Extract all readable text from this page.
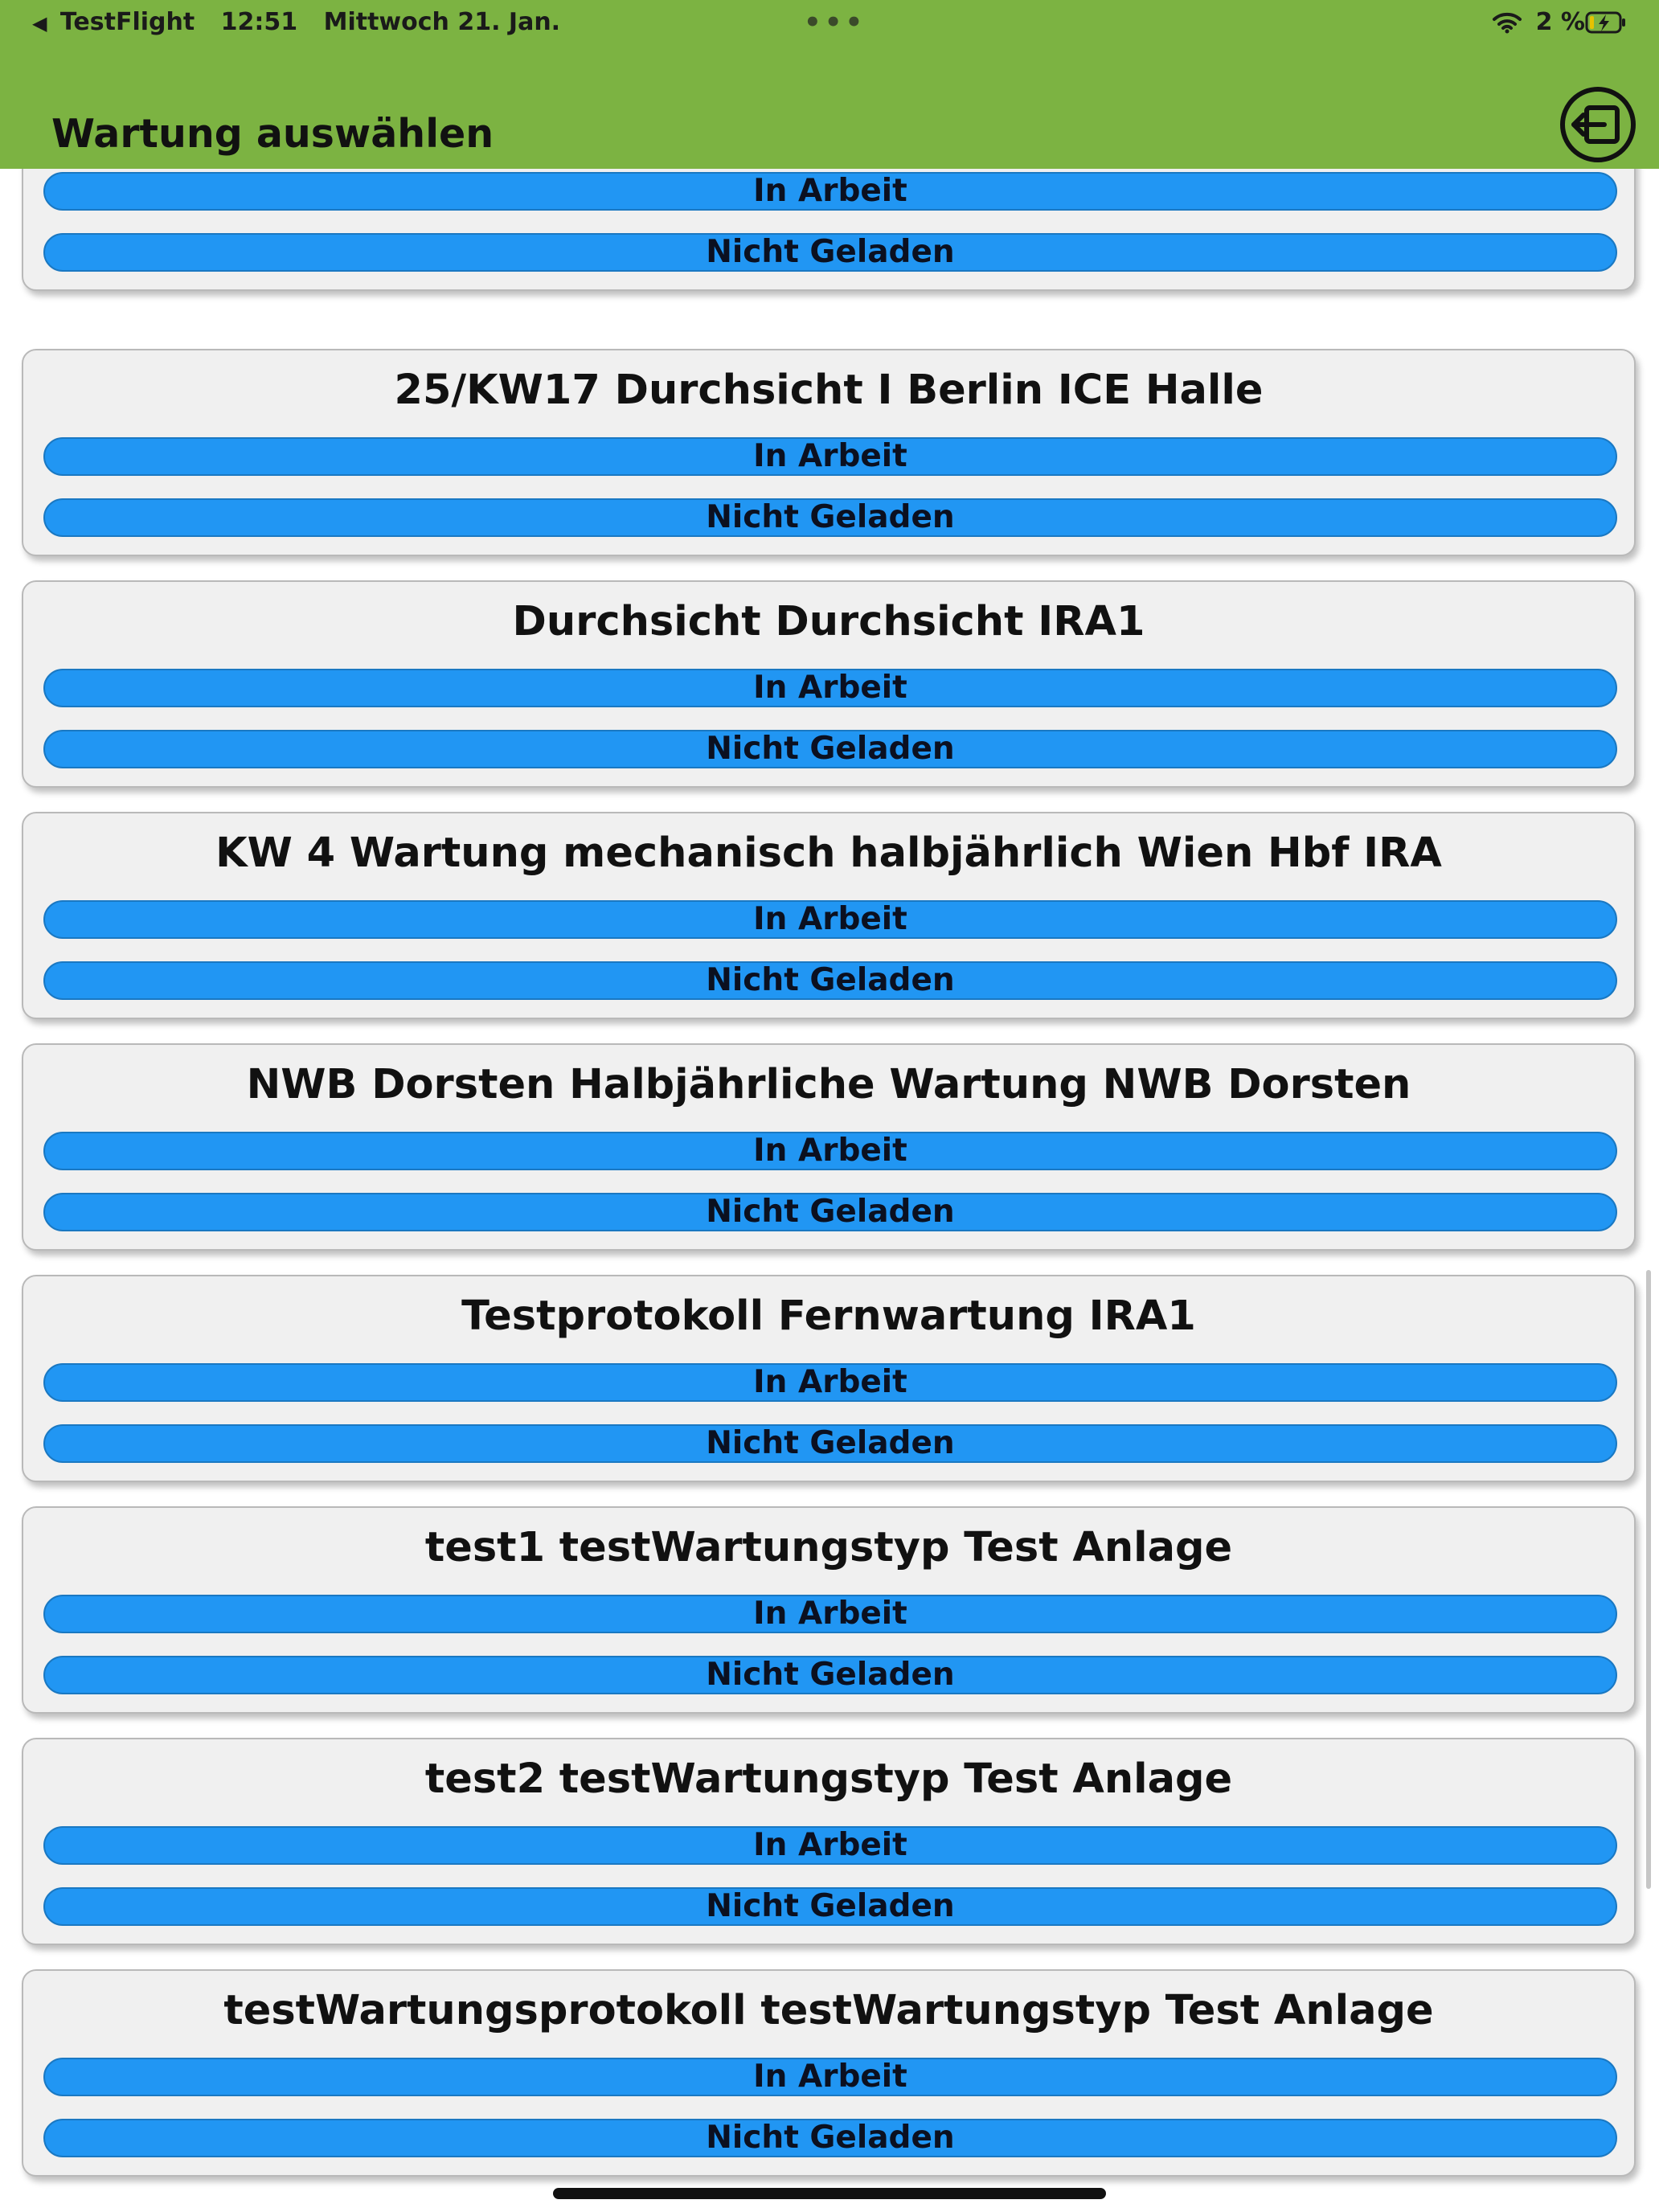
◀ TestFlight 12:51 Mittwoch 21. Jan.	•••	2 %
Wartung auswählen
In Arbeit
Nicht Geladen
25/KW17 Durchsicht I Berlin ICE Halle
In Arbeit
Nicht Geladen
Durchsicht Durchsicht IRA1
In Arbeit
Nicht Geladen
KW 4 Wartung mechanisch halbjährlich Wien Hbf IRA
In Arbeit
Nicht Geladen
NWB Dorsten Halbjährliche Wartung NWB Dorsten
In Arbeit
Nicht Geladen
Testprotokoll Fernwartung IRA1
In Arbeit
Nicht Geladen
test1 testWartungstyp Test Anlage
In Arbeit
Nicht Geladen
test2 testWartungstyp Test Anlage
In Arbeit
Nicht Geladen
testWartungsprotokoll testWartungstyp Test Anlage
In Arbeit
Nicht Geladen
